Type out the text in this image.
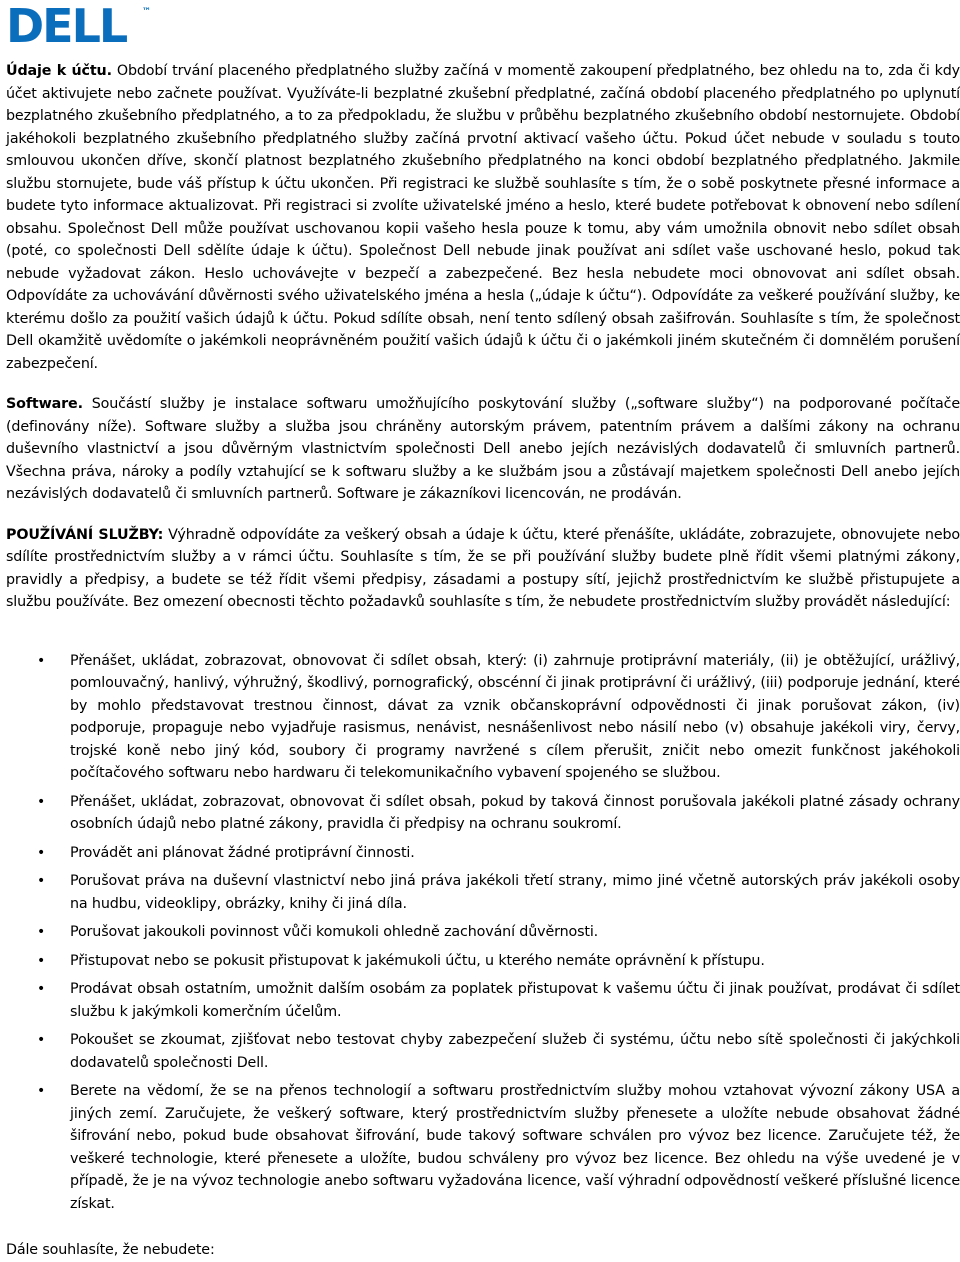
DELL ™

Údaje k účtu. Období trvání placeného předplatného služby začíná v momentě zakoupení předplatného, bez ohledu na to, zda či kdy účet aktivujete nebo začnete používat. Využíváte-li bezplatné zkušební předplatné, začíná období placeného předplatného po uplynutí bezplatného zkušebního předplatného, a to za předpokladu, že službu v průběhu bezplatného zkušebního období nestornujete. Období jakéhokoli bezplatného zkušebního předplatného služby začíná prvotní aktivací vašeho účtu. Pokud účet nebude v souladu s touto smlouvou ukončen dříve, skončí platnost bezplatného zkušebního předplatného na konci období bezplatného předplatného. Jakmile službu stornujete, bude váš přístup k účtu ukončen. Při registraci ke službě souhlasíte s tím, že o sobě poskytnete přesné informace a budete tyto informace aktualizovat. Při registraci si zvolíte uživatelské jméno a heslo, které budete potřebovat k obnovení nebo sdílení obsahu. Společnost Dell může používat uschovanou kopii vašeho hesla pouze k tomu, aby vám umožnila obnovit nebo sdílet obsah (poté, co společnosti Dell sdělíte údaje k účtu). Společnost Dell nebude jinak používat ani sdílet vaše uschované heslo, pokud tak nebude vyžadovat zákon. Heslo uchovávejte v bezpečí a zabezpečené. Bez hesla nebudete moci obnovovat ani sdílet obsah. Odpovídáte za uchovávání důvěrnosti svého uživatelského jména a hesla („údaje k účtu“). Odpovídáte za veškeré používání služby, ke kterému došlo za použití vašich údajů k účtu. Pokud sdílíte obsah, není tento sdílený obsah zašifrován. Souhlasíte s tím, že společnost Dell okamžitě uvědomíte o jakémkoli neoprávněném použití vašich údajů k účtu či o jakémkoli jiném skutečném či domnělém porušení zabezpečení.

Software. Součástí služby je instalace softwaru umožňujícího poskytování služby („software služby“) na podporované počítače (definovány níže). Software služby a služba jsou chráněny autorským právem, patentním právem a dalšími zákony na ochranu duševního vlastnictví a jsou důvěrným vlastnictvím společnosti Dell anebo jejích nezávislých dodavatelů či smluvních partnerů. Všechna práva, nároky a podíly vztahující se k softwaru služby a ke službám jsou a zůstávají majetkem společnosti Dell anebo jejích nezávislých dodavatelů či smluvních partnerů. Software je zákazníkovi licencován, ne prodáván.

POUŽÍVÁNÍ SLUŽBY: Výhradně odpovídáte za veškerý obsah a údaje k účtu, které přenášíte, ukládáte, zobrazujete, obnovujete nebo sdílíte prostřednictvím služby a v rámci účtu. Souhlasíte s tím, že se při používání služby budete plně řídit všemi platnými zákony, pravidly a předpisy, a budete se též řídit všemi předpisy, zásadami a postupy sítí, jejichž prostřednictvím ke službě přistupujete a službu používáte. Bez omezení obecnosti těchto požadavků souhlasíte s tím, že nebudete prostřednictvím služby provádět následující:

• Přenášet, ukládat, zobrazovat, obnovovat či sdílet obsah, který: (i) zahrnuje protiprávní materiály, (ii) je obtěžující, urážlivý, pomlouvačný, hanlivý, výhružný, škodlivý, pornografický, obscénní či jinak protiprávní či urážlivý, (iii) podporuje jednání, které by mohlo představovat trestnou činnost, dávat za vznik občanskoprávní odpovědnosti či jinak porušovat zákon, (iv) podporuje, propaguje nebo vyjadřuje rasismus, nenávist, nesnášenlivost nebo násilí nebo (v) obsahuje jakékoli viry, červy, trojské koně nebo jiný kód, soubory či programy navržené s cílem přerušit, zničit nebo omezit funkčnost jakéhokoli počítačového softwaru nebo hardwaru či telekomunikačního vybavení spojeného se službou.
• Přenášet, ukládat, zobrazovat, obnovovat či sdílet obsah, pokud by taková činnost porušovala jakékoli platné zásady ochrany osobních údajů nebo platné zákony, pravidla či předpisy na ochranu soukromí.
• Provádět ani plánovat žádné protiprávní činnosti.
• Porušovat práva na duševní vlastnictví nebo jiná práva jakékoli třetí strany, mimo jiné včetně autorských práv jakékoli osoby na hudbu, videoklipy, obrázky, knihy či jiná díla.
• Porušovat jakoukoli povinnost vůči komukoli ohledně zachování důvěrnosti.
• Přistupovat nebo se pokusit přistupovat k jakémukoli účtu, u kterého nemáte oprávnění k přístupu.
• Prodávat obsah ostatním, umožnit dalším osobám za poplatek přistupovat k vašemu účtu či jinak používat, prodávat či sdílet službu k jakýmkoli komerčním účelům.
• Pokoušet se zkoumat, zjišťovat nebo testovat chyby zabezpečení služeb či systému, účtu nebo sítě společnosti či jakýchkoli dodavatelů společnosti Dell.
• Berete na vědomí, že se na přenos technologií a softwaru prostřednictvím služby mohou vztahovat vývozní zákony USA a jiných zemí. Zaručujete, že veškerý software, který prostřednictvím služby přenesete a uložíte nebude obsahovat žádné šifrování nebo, pokud bude obsahovat šifrování, bude takový software schválen pro vývoz bez licence. Zaručujete též, že veškeré technologie, které přenesete a uložíte, budou schváleny pro vývoz bez licence. Bez ohledu na výše uvedené je v případě, že je na vývoz technologie anebo softwaru vyžadována licence, vaší výhradní odpovědností veškeré příslušné licence získat.

Dále souhlasíte, že nebudete:
